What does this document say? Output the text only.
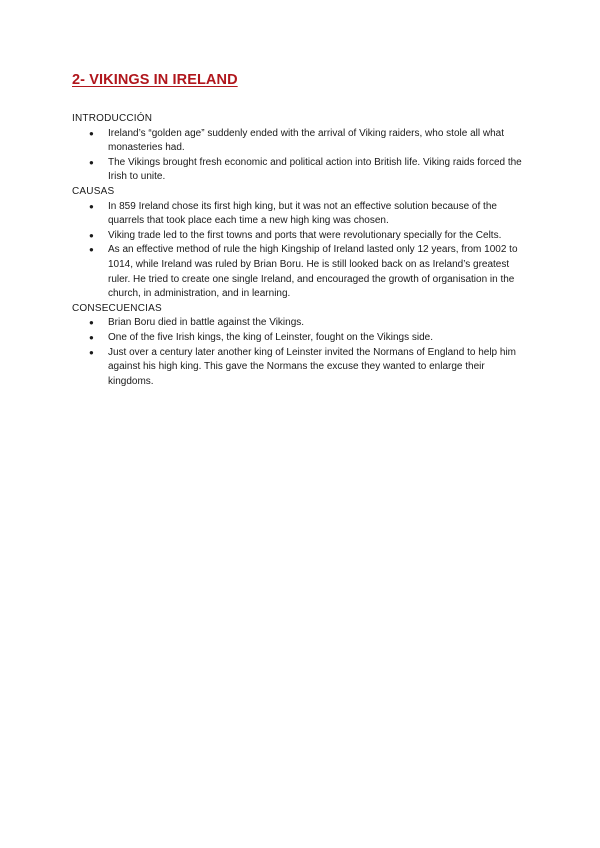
2- VIKINGS IN IRELAND
INTRODUCCIÓN
● Ireland’s “golden age” suddenly ended with the arrival of Viking raiders, who stole all what monasteries had.
● The Vikings brought fresh economic and political action into British life. Viking raids forced the Irish to unite.
CAUSAS
● In 859 Ireland chose its first high king, but it was not an effective solution because of the quarrels that took place each time a new high king was chosen.
● Viking trade led to the first towns and ports that were revolutionary specially for the Celts.
● As an effective method of rule the high Kingship of Ireland lasted only 12 years, from 1002 to 1014, while Ireland was ruled by Brian Boru. He is still looked back on as Ireland’s greatest ruler. He tried to create one single Ireland, and encouraged the growth of organisation in the church, in administration, and in learning.
CONSECUENCIAS
● Brian Boru died in battle against the Vikings.
● One of the five Irish kings, the king of Leinster, fought on the Vikings side.
● Just over a century later another king of Leinster invited the Normans of England to help him against his high king. This gave the Normans the excuse they wanted to enlarge their kingdoms.
